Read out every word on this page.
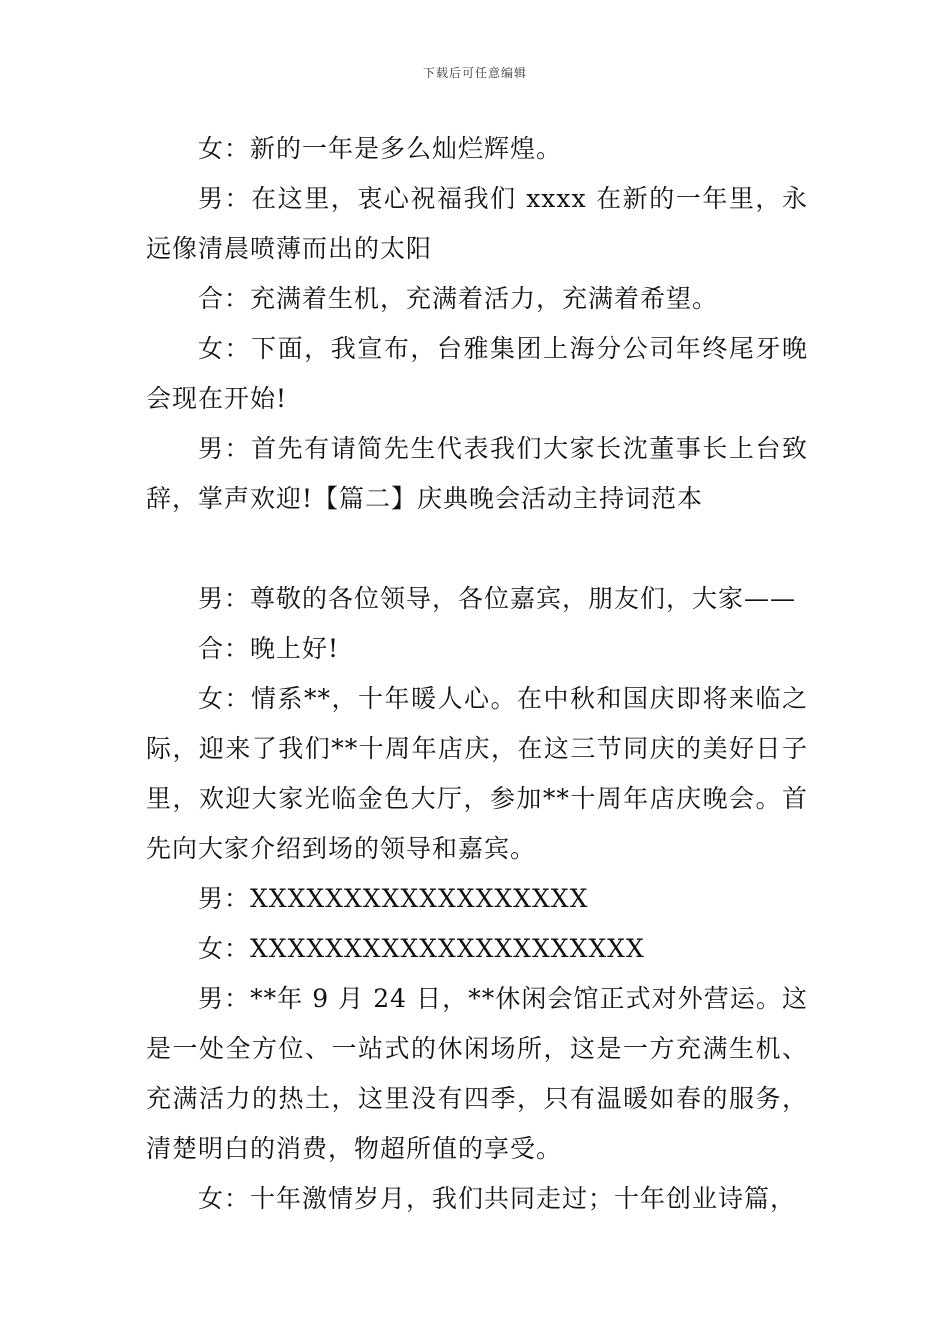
下载后可任意编辑

女：新的一年是多么灿烂辉煌。

男：在这里，衷心祝福我们 xxxx 在新的一年里，永远像清晨喷薄而出的太阳

合：充满着生机，充满着活力，充满着希望。

女：下面，我宣布，台雅集团上海分公司年终尾牙晚会现在开始!

男：首先有请简先生代表我们大家长沈董事长上台致辞，掌声欢迎!【篇二】庆典晚会活动主持词范本

男：尊敬的各位领导，各位嘉宾，朋友们，大家——

合：晚上好!

女：情系**，十年暖人心。在中秋和国庆即将来临之际，迎来了我们**十周年店庆，在这三节同庆的美好日子里，欢迎大家光临金色大厅，参加**十周年店庆晚会。首先向大家介绍到场的领导和嘉宾。

男：XXXXXXXXXXXXXXXXXX

女：XXXXXXXXXXXXXXXXXXXXX

男：**年 9 月 24 日，**休闲会馆正式对外营运。这是一处全方位、一站式的休闲场所，这是一方充满生机、充满活力的热土，这里没有四季，只有温暖如春的服务，清楚明白的消费，物超所值的享受。

女：十年激情岁月，我们共同走过；十年创业诗篇，
